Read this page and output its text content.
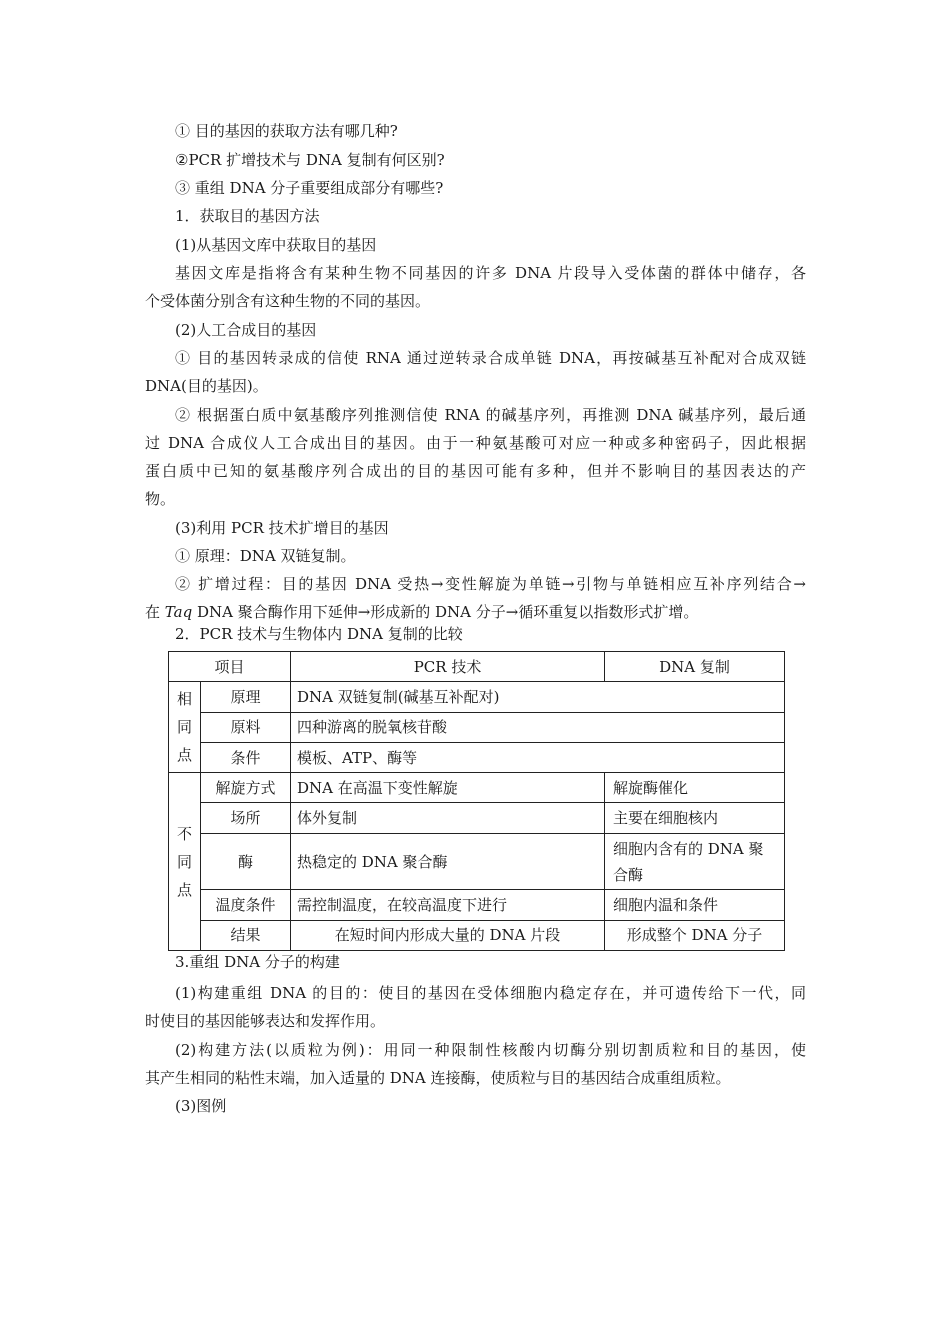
① 目的基因的获取方法有哪几种?
②PCR 扩增技术与 DNA 复制有何区别?
③ 重组 DNA 分子重要组成部分有哪些?
1．获取目的基因方法
(1)从基因文库中获取目的基因
基因文库是指将含有某种生物不同基因的许多 DNA 片段导入受体菌的群体中储存，各
个受体菌分别含有这种生物的不同的基因。
(2)人工合成目的基因
① 目的基因转录成的信使 RNA 通过逆转录合成单链 DNA，再按碱基互补配对合成双链
DNA(目的基因)。
② 根据蛋白质中氨基酸序列推测信使 RNA 的碱基序列，再推测 DNA 碱基序列，最后通
过 DNA 合成仪人工合成出目的基因。由于一种氨基酸可对应一种或多种密码子，因此根据
蛋白质中已知的氨基酸序列合成出的目的基因可能有多种，但并不影响目的基因表达的产
物。
(3)利用 PCR 技术扩增目的基因
① 原理：DNA 双链复制。
② 扩增过程：目的基因 DNA 受热→变性解旋为单链→引物与单链相应互补序列结合→
在 Taq DNA 聚合酶作用下延伸→形成新的 DNA 分子→循环重复以指数形式扩增。
2．PCR 技术与生物体内 DNA 复制的比较
项目		PCR 技术	DNA 复制
相
同
点	原理	DNA 双链复制(碱基互补配对)	
	原料	四种游离的脱氧核苷酸	
	条件	模板、ATP、酶等	
不
同
点	解旋方式	DNA 在高温下变性解旋	解旋酶催化
	场所	体外复制	主要在细胞核内
	酶	热稳定的 DNA 聚合酶	细胞内含有的 DNA 聚合酶
	温度条件	需控制温度，在较高温度下进行	细胞内温和条件
	结果	在短时间内形成大量的 DNA 片段	形成整个 DNA 分子
3.重组 DNA 分子的构建
(1)构建重组 DNA 的目的：使目的基因在受体细胞内稳定存在，并可遗传给下一代，同
时使目的基因能够表达和发挥作用。
(2)构建方法(以质粒为例)：用同一种限制性核酸内切酶分别切割质粒和目的基因，使
其产生相同的粘性末端，加入适量的 DNA 连接酶，使质粒与目的基因结合成重组质粒。
(3)图例
